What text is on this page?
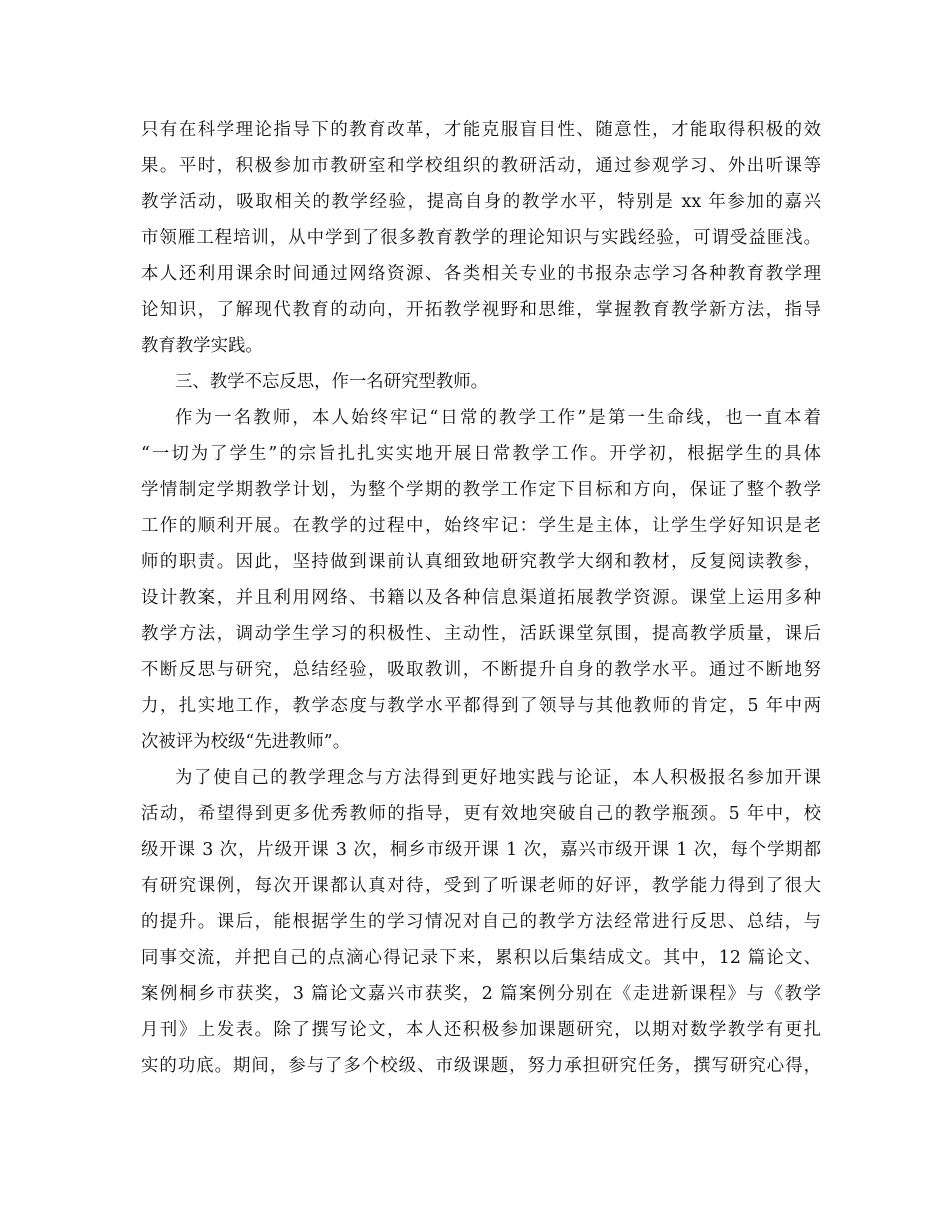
只有在科学理论指导下的教育改革，才能克服盲目性、随意性，才能取得积极的效
果。平时，积极参加市教研室和学校组织的教研活动，通过参观学习、外出听课等
教学活动，吸取相关的教学经验，提高自身的教学水平，特别是 xx 年参加的嘉兴
市领雁工程培训，从中学到了很多教育教学的理论知识与实践经验，可谓受益匪浅。
本人还利用课余时间通过网络资源、各类相关专业的书报杂志学习各种教育教学理
论知识，了解现代教育的动向，开拓教学视野和思维，掌握教育教学新方法，指导
教育教学实践。
三、教学不忘反思，作一名研究型教师。
作为一名教师，本人始终牢记“日常的教学工作”是第一生命线，也一直本着
“一切为了学生”的宗旨扎扎实实地开展日常教学工作。开学初，根据学生的具体
学情制定学期教学计划，为整个学期的教学工作定下目标和方向，保证了整个教学
工作的顺利开展。在教学的过程中，始终牢记：学生是主体，让学生学好知识是老
师的职责。因此，坚持做到课前认真细致地研究教学大纲和教材，反复阅读教参，
设计教案，并且利用网络、书籍以及各种信息渠道拓展教学资源。课堂上运用多种
教学方法，调动学生学习的积极性、主动性，活跃课堂氛围，提高教学质量，课后
不断反思与研究，总结经验，吸取教训，不断提升自身的教学水平。通过不断地努
力，扎实地工作，教学态度与教学水平都得到了领导与其他教师的肯定，5 年中两
次被评为校级“先进教师”。
为了使自己的教学理念与方法得到更好地实践与论证，本人积极报名参加开课
活动，希望得到更多优秀教师的指导，更有效地突破自己的教学瓶颈。5 年中，校
级开课 3 次，片级开课 3 次，桐乡市级开课 1 次，嘉兴市级开课 1 次，每个学期都
有研究课例，每次开课都认真对待，受到了听课老师的好评，教学能力得到了很大
的提升。课后，能根据学生的学习情况对自己的教学方法经常进行反思、总结，与
同事交流，并把自己的点滴心得记录下来，累积以后集结成文。其中，12 篇论文、
案例桐乡市获奖，3 篇论文嘉兴市获奖，2 篇案例分别在《走进新课程》与《教学
月刊》上发表。除了撰写论文，本人还积极参加课题研究，以期对数学教学有更扎
实的功底。期间，参与了多个校级、市级课题，努力承担研究任务，撰写研究心得，
